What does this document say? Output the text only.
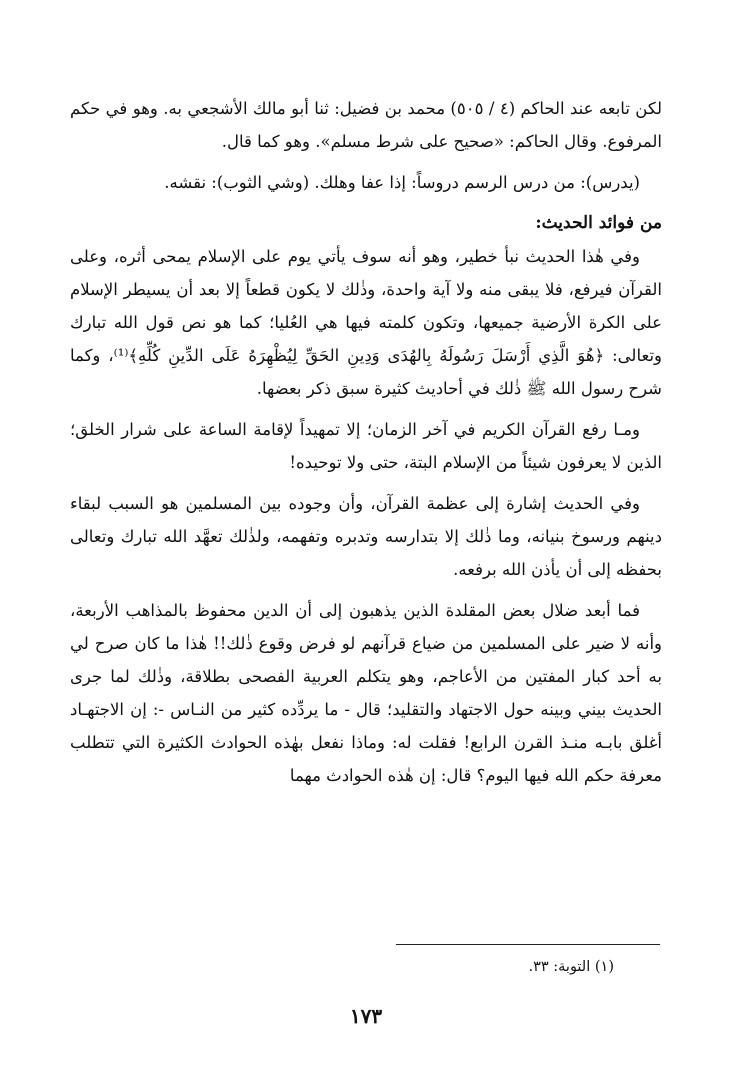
لكن تابعه عند الحاكم (٤ / ٥٠٥) محمد بن فضيل: ثنا أبو مالك الأشجعي به. وهو في حكم المرفوع. وقال الحاكم: «صحيح على شرط مسلم». وهو كما قال.

(يدرس): من درس الرسم دروساً: إذا عفا وهلك. (وشي الثوب): نقشه.

من فوائد الحديث:

وفي هٰذا الحديث نبأ خطير، وهو أنه سوف يأتي يوم على الإسلام يمحى أثره، وعلى القرآن فيرفع، فلا يبقى منه ولا آية واحدة، وذٰلك لا يكون قطعاً إلا بعد أن يسيطر الإسلام على الكرة الأرضية جميعها، وتكون كلمته فيها هي العُليا؛ كما هو نص قول الله تبارك وتعالى: ﴿هُوَ الَّذِي أَرْسَلَ رَسُولَهُ بِالهُدَى وَدِينِ الحَقِّ لِيُظْهِرَهُ عَلَى الدِّينِ كُلِّهِ﴾⁽¹⁾، وكما شرح رسول الله ﷺ ذٰلك في أحاديث كثيرة سبق ذكر بعضها.

ومـا رفع القرآن الكريم في آخر الزمان؛ إلا تمهيداً لإقامة الساعة على شرار الخلق؛ الذين لا يعرفون شيئاً من الإسلام البتة، حتى ولا توحيده!

وفي الحديث إشارة إلى عظمة القرآن، وأن وجوده بين المسلمين هو السبب لبقاء دينهم ورسوخ بنيانه، وما ذٰلك إلا بتدارسه وتدبره وتفهمه، ولذٰلك تعهَّد الله تبارك وتعالى بحفظه إلى أن يأذن الله برفعه.

فما أبعد ضلال بعض المقلدة الذين يذهبون إلى أن الدين محفوظ بالمذاهب الأربعة، وأنه لا ضير على المسلمين من ضياع قرآنهم لو فرض وقوع ذٰلك!! هٰذا ما كان صرح لي به أحد كبار المفتين من الأعاجم، وهو يتكلم العربية الفصحى بطلاقة، وذٰلك لما جرى الحديث بيني وبينه حول الاجتهاد والتقليد؛ قال - ما يردِّده كثير من النـاس -: إن الاجتهـاد أغلق بابـه منـذ القرن الرابع! فقلت له: وماذا نفعل بهٰذه الحوادث الكثيرة التي تتطلب معرفة حكم الله فيها اليوم؟ قال: إن هٰذه الحوادث مهما

(١) التوبة: ٣٣.
١٧٣
